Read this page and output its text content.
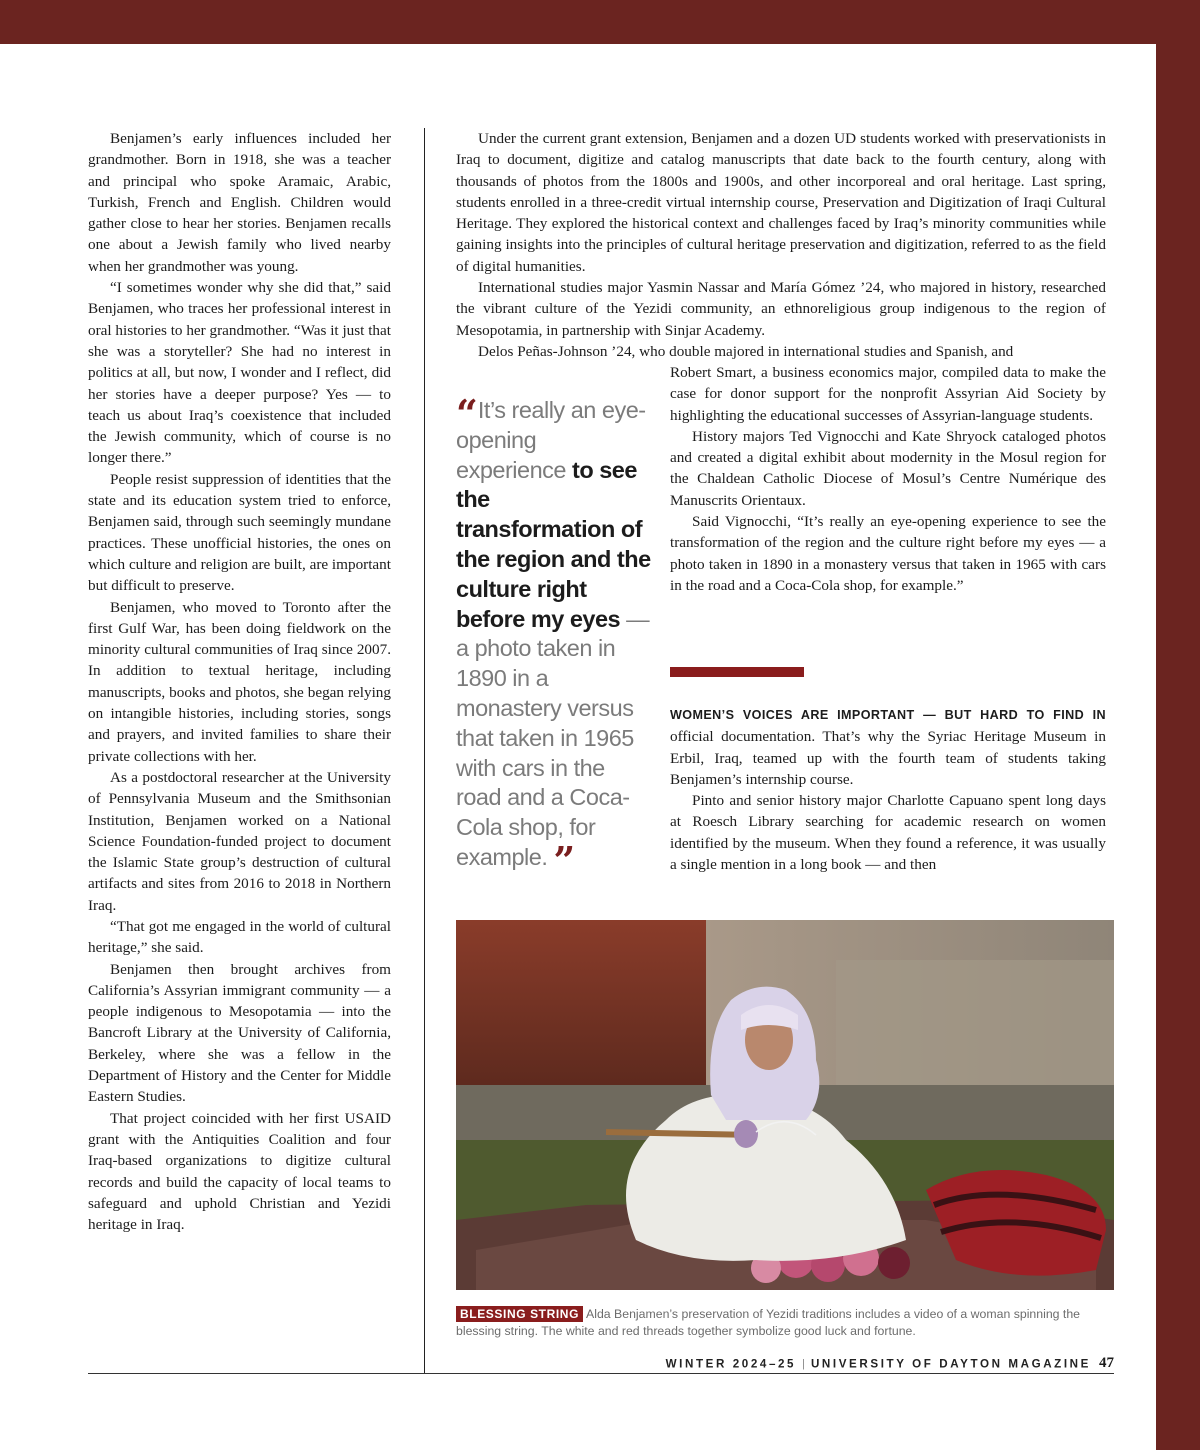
Benjamen’s early influences included her grandmother. Born in 1918, she was a teacher and principal who spoke Aramaic, Arabic, Turkish, French and English. Children would gather close to hear her stories. Benjamen recalls one about a Jewish family who lived nearby when her grandmother was young.

“I sometimes wonder why she did that,” said Benjamen, who traces her professional interest in oral histories to her grandmother. “Was it just that she was a storyteller? She had no interest in politics at all, but now, I wonder and I reflect, did her stories have a deeper purpose? Yes — to teach us about Iraq’s coexistence that included the Jewish community, which of course is no longer there.”

People resist suppression of identities that the state and its education system tried to enforce, Benjamen said, through such seemingly mundane practices. These unofficial histories, the ones on which culture and religion are built, are important but difficult to preserve.

Benjamen, who moved to Toronto after the first Gulf War, has been doing fieldwork on the minority cultural communities of Iraq since 2007. In addition to textual heritage, including manuscripts, books and photos, she began relying on intangible histories, including stories, songs and prayers, and invited families to share their private collections with her.

As a postdoctoral researcher at the University of Pennsylvania Museum and the Smithsonian Institution, Benjamen worked on a National Science Foundation-funded project to document the Islamic State group’s destruction of cultural artifacts and sites from 2016 to 2018 in Northern Iraq.

“That got me engaged in the world of cultural heritage,” she said.

Benjamen then brought archives from California’s Assyrian immigrant community — a people indigenous to Mesopotamia — into the Bancroft Library at the University of California, Berkeley, where she was a fellow in the Department of History and the Center for Middle Eastern Studies.

That project coincided with her first USAID grant with the Antiquities Coalition and four Iraq-based organizations to digitize cultural records and build the capacity of local teams to safeguard and uphold Christian and Yezidi heritage in Iraq.

Under the current grant extension, Benjamen and a dozen UD students worked with preservationists in Iraq to document, digitize and catalog manuscripts that date back to the fourth century, along with thousands of photos from the 1800s and 1900s, and other incorporeal and oral heritage. Last spring, students enrolled in a three-credit virtual internship course, Preservation and Digitization of Iraqi Cultural Heritage. They explored the historical context and challenges faced by Iraq’s minority communities while gaining insights into the principles of cultural heritage preservation and digitization, referred to as the field of digital humanities.

International studies major Yasmin Nassar and María Gómez ’24, who majored in history, researched the vibrant culture of the Yezidi community, an ethnoreligious group indigenous to the region of Mesopotamia, in partnership with Sinjar Academy.

Delos Peñas-Johnson ’24, who double majored in international studies and Spanish, and

“ It’s really an eye-opening experience to see the transformation of the region and the culture right before my eyes — a photo taken in 1890 in a monastery versus that taken in 1965 with cars in the road and a Coca-Cola shop, for example. ”

Robert Smart, a business economics major, compiled data to make the case for donor support for the nonprofit Assyrian Aid Society by highlighting the educational successes of Assyrian-language students.

History majors Ted Vignocchi and Kate Shryock cataloged photos and created a digital exhibit about modernity in the Mosul region for the Chaldean Catholic Diocese of Mosul’s Centre Numérique des Manuscrits Orientaux.

Said Vignocchi, “It’s really an eye-opening experience to see the transformation of the region and the culture right before my eyes — a photo taken in 1890 in a monastery versus that taken in 1965 with cars in the road and a Coca-Cola shop, for example.”

WOMEN’S VOICES ARE IMPORTANT — BUT HARD TO FIND IN official documentation. That’s why the Syriac Heritage Museum in Erbil, Iraq, teamed up with the fourth team of students taking Benjamen’s internship course.

Pinto and senior history major Charlotte Capuano spent long days at Roesch Library searching for academic research on women identified by the museum. When they found a reference, it was usually a single mention in a long book — and then

BLESSING STRING Alda Benjamen’s preservation of Yezidi traditions includes a video of a woman spinning the blessing string. The white and red threads together symbolize good luck and fortune.
WINTER 2024–25 | UNIVERSITY OF DAYTON MAGAZINE 47
